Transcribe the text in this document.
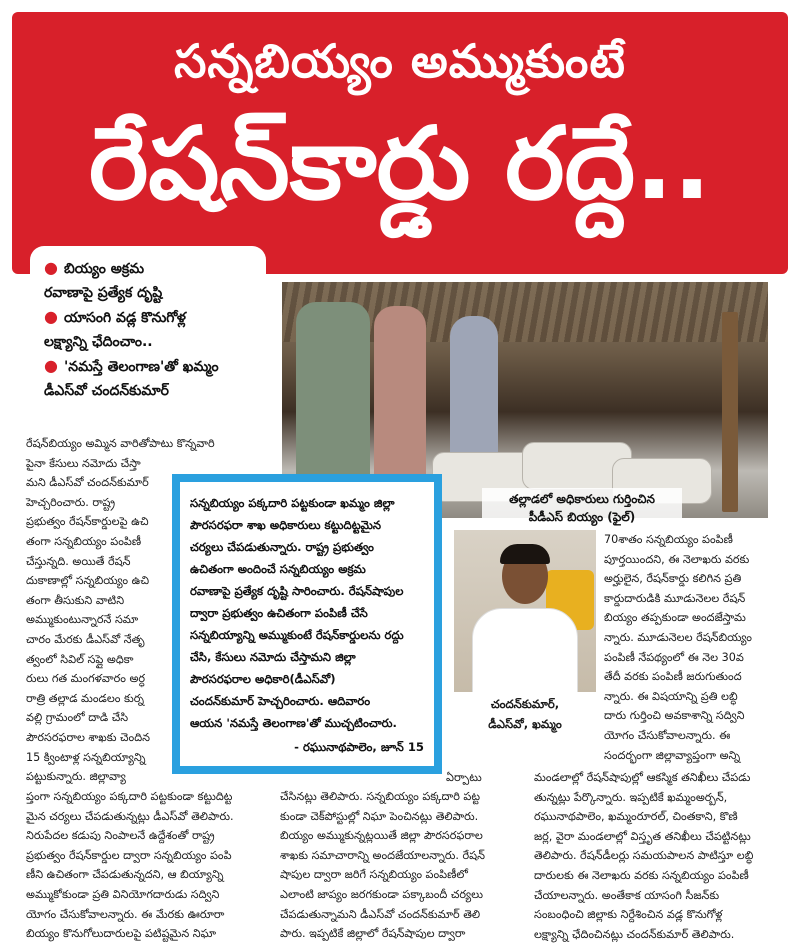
సన్నబియ్యం అమ్ముకుంటే
రేషన్‌కార్డు రద్దే..
● బియ్యం అక్రమ
రవాణాపై ప్రత్యేక దృష్టి
● యాసంగి వడ్ల కొనుగోళ్ల
లక్ష్యాన్ని ఛేదించాం..
● 'నమస్తే తెలంగాణ'తో ఖమ్మం
డీఎస్‌వో చందన్‌కుమార్
తల్లాడలో అధికారులు గుర్తించిన
పీడీఎస్ బియ్యం (ఫైల్)
రేషన్‌బియ్యం అమ్మిన వారితోపాటు కొన్నవారి
పైనా కేసులు నమోదు చేస్తా
మని డీఎస్‌వో చందన్‌కుమార్
హెచ్చరించారు. రాష్ట్ర
ప్రభుత్వం రేషన్‌కార్డులపై ఉచి
తంగా సన్నబియ్యం పంపిణీ
చేస్తున్నది. అయితే రేషన్
దుకాణాల్లో సన్నబియ్యం ఉచి
తంగా తీసుకుని వాటిని
అమ్ముకుంటున్నారనే సమా
చారం మేరకు డీఎస్‌వో నేతృ
త్వంలో సివిల్ సప్లై అధికా
రులు గత మంగళవారం అర్ధ
రాత్రి తల్లాడ మండలం కుర్న
వల్లి గ్రామంలో దాడి చేసి
పౌరసరఫరాల శాఖకు చెందిన
15 క్వింటాళ్ల సన్నబియ్యాన్ని
పట్టుకున్నారు. జిల్లావ్యా
ప్తంగా సన్నబియ్యం పక్కదారి పట్టకుండా కట్టుదిట్ట
మైన చర్యలు చేపడుతున్నట్లు డీఎస్‌వో తెలిపారు.
నిరుపేదల కడుపు నింపాలనే ఉద్దేశంతో రాష్ట్ర
ప్రభుత్వం రేషన్‌కార్డుల ద్వారా సన్నబియ్యం పంపి
ణీని ఉచితంగా చేపడుతున్నదని, ఆ బియ్యాన్ని
అమ్ముకోకుండా ప్రతి వినియోగదారుడు సద్విని
యోగం చేసుకోవాలన్నారు. ఈ మేరకు ఊరూరా
బియ్యం కొనుగోలుదారులపై పటిష్టమైన నిఘా
సన్నబియ్యం పక్కదారి పట్టకుండా ఖమ్మం జిల్లా
పౌరసరఫరా శాఖ అధికారులు కట్టుదిట్టమైన
చర్యలు చేపడుతున్నారు. రాష్ట్ర ప్రభుత్వం
ఉచితంగా అందించే సన్నబియ్యం అక్రమ
రవాణాపై ప్రత్యేక దృష్టి సారించారు. రేషన్‌షాపుల
ద్వారా ప్రభుత్వం ఉచితంగా పంపిణీ చేసే
సన్నబియ్యాన్ని అమ్ముకుంటే రేషన్‌కార్డులను రద్దు
చేసి, కేసులు నమోదు చేస్తామని జిల్లా
పౌరసరఫరాల అధికారి(డీఎస్‌వో)
చందన్‌కుమార్ హెచ్చరించారు. ఆదివారం
ఆయన 'నమస్తే తెలంగాణ'తో ముచ్చటించారు.
- రఘునాథపాలెం, జూన్ 15
ఏర్పాటు
చేసినట్లు తెలిపారు. సన్నబియ్యం పక్కదారి పట్ట
కుండా చెక్‌పోస్టుల్లో నిఘా పెంచినట్లు తెలిపారు.
బియ్యం అమ్ముకున్నట్లయితే జిల్లా పౌరసరఫరాల
శాఖకు సమాచారాన్ని అందజేయాలన్నారు. రేషన్
షాపుల ద్వారా జరిగే సన్నబియ్యం పంపిణీలో
ఎలాంటి జాప్యం జరగకుండా పక్కాబందీ చర్యలు
చేపడుతున్నామని డీఎస్‌వో చందన్‌కుమార్ తెలి
పారు. ఇప్పటికే జిల్లాలో రేషన్‌షాపుల ద్వారా
చందన్‌కుమార్,
డీఎస్‌వో, ఖమ్మం
70శాతం సన్నబియ్యం పంపిణీ
పూర్తయిందని, ఈ నెలాఖరు వరకు
అర్హులైన, రేషన్‌కార్డు కలిగిన ప్రతి
కార్డుదారుడికి మూడునెలల రేషన్
బియ్యం తప్పకుండా అందజేస్తామ
న్నారు. మూడునెలల రేషన్‌బియ్యం
పంపిణీ నేపథ్యంలో ఈ నెల 30వ
తేదీ వరకు పంపిణీ జరుగుతుంద
న్నారు. ఈ విషయాన్ని ప్రతి లబ్ధి
దారు గుర్తించి అవకాశాన్ని సద్విని
యోగం చేసుకోవాలన్నారు. ఈ
సందర్భంగా జిల్లావ్యాప్తంగా అన్ని
మండలాల్లో రేషన్‌షాపుల్లో ఆకస్మిక తనిఖీలు చేపడు
తున్నట్లు పేర్కొన్నారు. ఇప్పటికే ఖమ్మంఅర్బన్,
రఘునాథపాలెం, ఖమ్మంరూరల్, చింతకాని, కొణి
జర్ల, వైరా మండలాల్లో విస్తృత తనిఖీలు చేపట్టినట్లు
తెలిపారు. రేషన్‌డీలర్లు సమయపాలన పాటిస్తూ లబ్ధి
దారులకు ఈ నెలాఖరు వరకు సన్నబియ్యం పంపిణీ
చేయాలన్నారు. అంతేకాక యాసంగి సీజన్‌కు
సంబంధించి జిల్లాకు నిర్దేశించిన వడ్ల కొనుగోళ్ల
లక్ష్యాన్ని ఛేదించినట్లు చందన్‌కుమార్ తెలిపారు.
